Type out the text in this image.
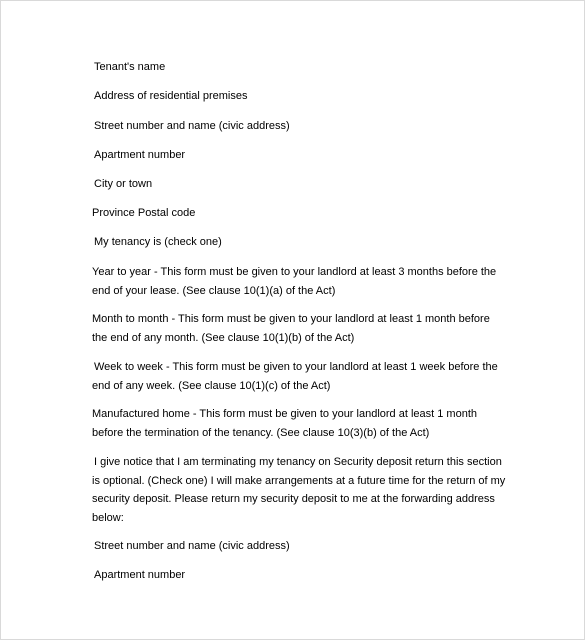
Tenant's name
Address of residential premises
Street number and name (civic address)
Apartment number
City or town
Province Postal code
My tenancy is (check one)
Year to year - This form must be given to your landlord at least 3 months before the
end of your lease. (See clause 10(1)(a) of the Act)
Month to month - This form must be given to your landlord at least 1 month before
the end of any month. (See clause 10(1)(b) of the Act)
Week to week - This form must be given to your landlord at least 1 week before the
end of any week. (See clause 10(1)(c) of the Act)
Manufactured home - This form must be given to your landlord at least 1 month
before the termination of the tenancy. (See clause 10(3)(b) of the Act)
I give notice that I am terminating my tenancy on Security deposit return this section
is optional. (Check one) I will make arrangements at a future time for the return of my
security deposit. Please return my security deposit to me at the forwarding address
below:
Street number and name (civic address)
Apartment number
